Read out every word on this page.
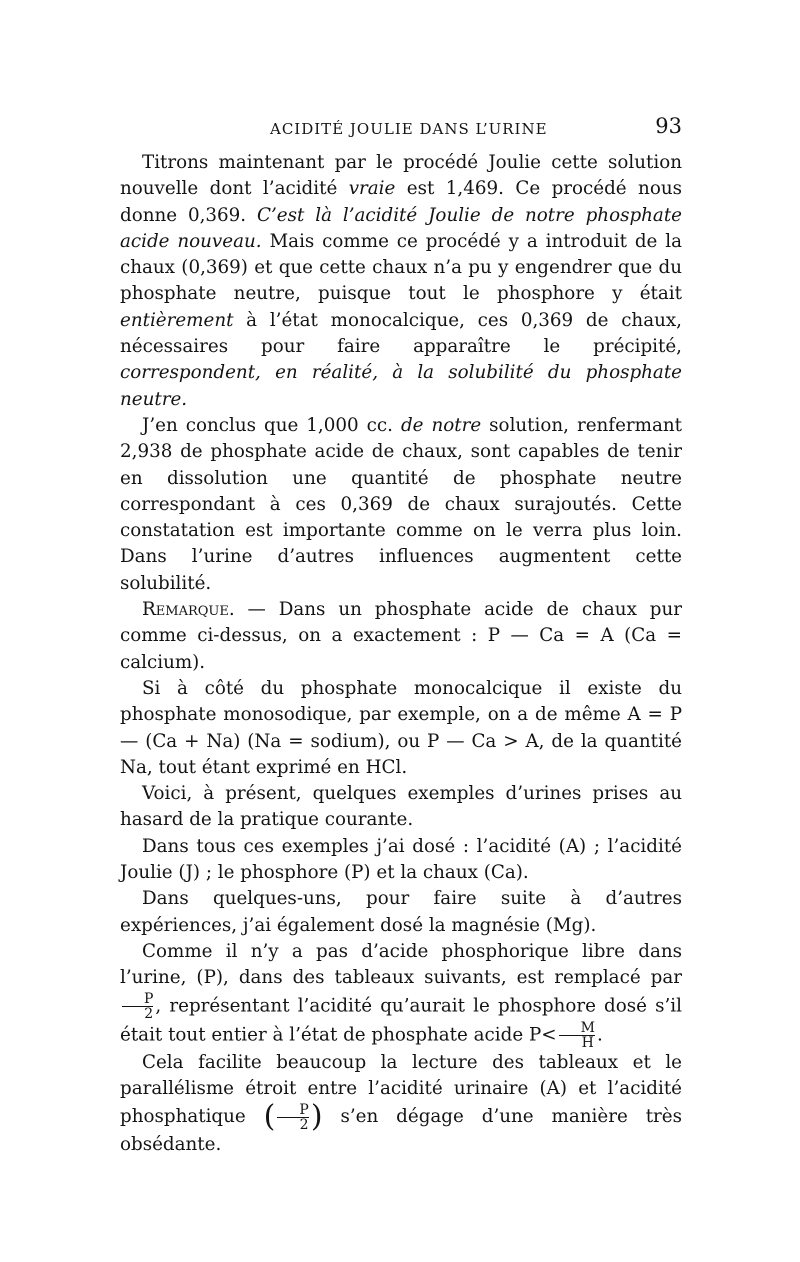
ACIDITÉ JOULIE DANS L’URINE	93

Titrons maintenant par le procédé Joulie cette solution nouvelle dont l’acidité vraie est 1,469. Ce procédé nous donne 0,369. C’est là l’acidité Joulie de notre phosphate acide nouveau. Mais comme ce procédé y a introduit de la chaux (0,369) et que cette chaux n’a pu y engendrer que du phosphate neutre, puisque tout le phosphore y était entièrement à l’état monocalcique, ces 0,369 de chaux, nécessaires pour faire apparaître le précipité, correspondent, en réalité, à la solubilité du phosphate neutre.

J’en conclus que 1,000 cc. de notre solution, renfermant 2,938 de phosphate acide de chaux, sont capables de tenir en dissolution une quantité de phosphate neutre correspondant à ces 0,369 de chaux surajoutés. Cette constatation est importante comme on le verra plus loin. Dans l’urine d’autres influences augmentent cette solubilité.

Remarque. — Dans un phosphate acide de chaux pur comme ci-dessus, on a exactement : P — Ca = A (Ca = calcium).

Si à côté du phosphate monocalcique il existe du phosphate monosodique, par exemple, on a de même A = P — (Ca + Na) (Na = sodium), ou P — Ca > A, de la quantité Na, tout étant exprimé en HCl.

Voici, à présent, quelques exemples d’urines prises au hasard de la pratique courante.

Dans tous ces exemples j’ai dosé : l’acidité (A) ; l’acidité Joulie (J) ; le phosphore (P) et la chaux (Ca).

Dans quelques-uns, pour faire suite à d’autres expériences, j’ai également dosé la magnésie (Mg).

Comme il n’y a pas d’acide phosphorique libre dans l’urine, (P), dans des tableaux suivants, est remplacé par
$\frac{P}{2}$ , représentant l’acidité qu’aurait le phosphore dosé s’il était tout entier à l’état de phosphate acide $P< \frac{M}{H}$ .

Cela facilite beaucoup la lecture des tableaux et le parallélisme étroit entre l’acidité urinaire (A) et l’acidité phosphatique ( $\frac{P}{2}$ ) s’en dégage d’une manière très obsédante.
